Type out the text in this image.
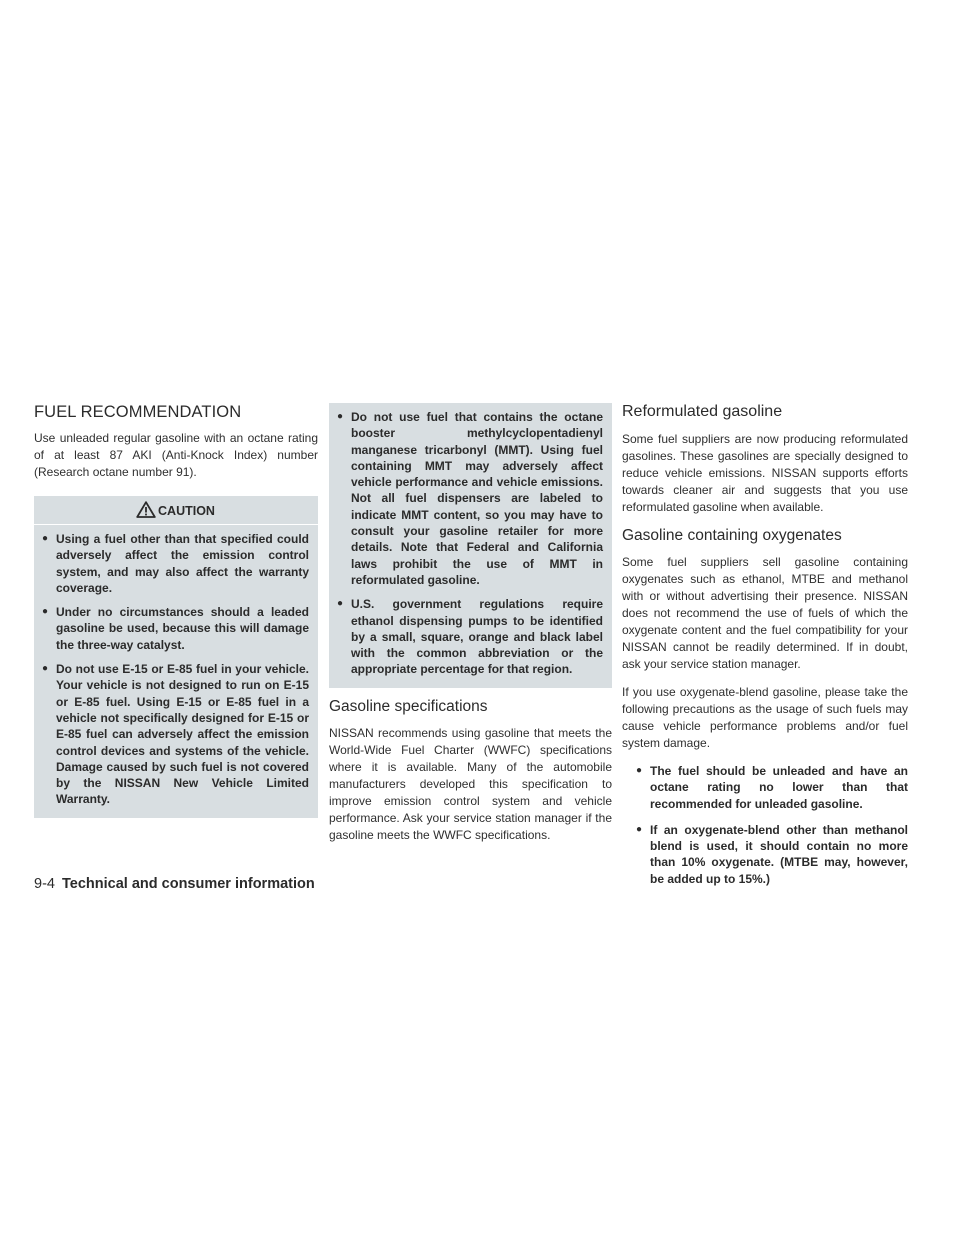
FUEL RECOMMENDATION

Use unleaded regular gasoline with an octane rating of at least 87 AKI (Anti-Knock Index) number (Research octane number 91).

CAUTION
● Using a fuel other than that specified could adversely affect the emission control system, and may also affect the warranty coverage.
● Under no circumstances should a leaded gasoline be used, because this will damage the three-way catalyst.
● Do not use E-15 or E-85 fuel in your vehicle. Your vehicle is not designed to run on E-15 or E-85 fuel. Using E-15 or E-85 fuel in a vehicle not specifically designed for E-15 or E-85 fuel can adversely affect the emission control devices and systems of the vehicle. Damage caused by such fuel is not covered by the NISSAN New Vehicle Limited Warranty.
● Do not use fuel that contains the octane booster methylcyclopentadienyl manganese tricarbonyl (MMT). Using fuel containing MMT may adversely affect vehicle performance and vehicle emissions. Not all fuel dispensers are labeled to indicate MMT content, so you may have to consult your gasoline retailer for more details. Note that Federal and California laws prohibit the use of MMT in reformulated gasoline.
● U.S. government regulations require ethanol dispensing pumps to be identified by a small, square, orange and black label with the common abbreviation or the appropriate percentage for that region.
Gasoline specifications

NISSAN recommends using gasoline that meets the World-Wide Fuel Charter (WWFC) specifications where it is available. Many of the automobile manufacturers developed this specification to improve emission control system and vehicle performance. Ask your service station manager if the gasoline meets the WWFC specifications.

Reformulated gasoline

Some fuel suppliers are now producing reformulated gasolines. These gasolines are specially designed to reduce vehicle emissions. NISSAN supports efforts towards cleaner air and suggests that you use reformulated gasoline when available.

Gasoline containing oxygenates

Some fuel suppliers sell gasoline containing oxygenates such as ethanol, MTBE and methanol with or without advertising their presence. NISSAN does not recommend the use of fuels of which the oxygenate content and the fuel compatibility for your NISSAN cannot be readily determined. If in doubt, ask your service station manager.

If you use oxygenate-blend gasoline, please take the following precautions as the usage of such fuels may cause vehicle performance problems and/or fuel system damage.

● The fuel should be unleaded and have an octane rating no lower than that recommended for unleaded gasoline.
● If an oxygenate-blend other than methanol blend is used, it should contain no more than 10% oxygenate. (MTBE may, however, be added up to 15%.)
9-4 Technical and consumer information
